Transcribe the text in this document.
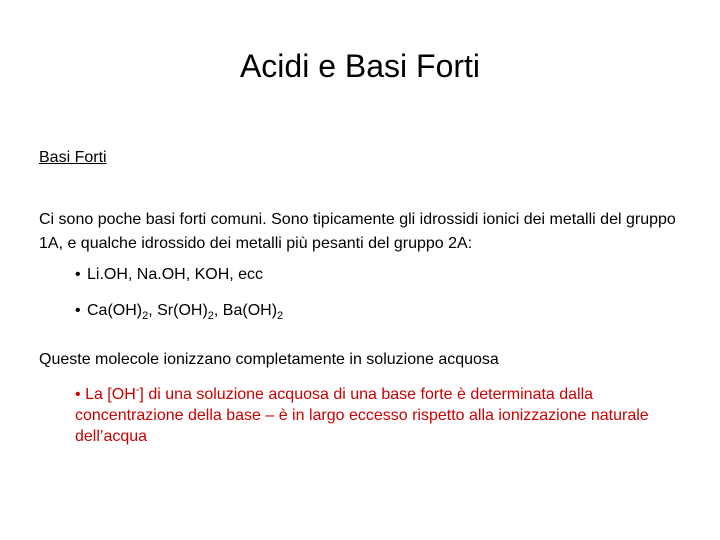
Acidi e Basi Forti
Basi Forti
Ci sono poche basi forti comuni. Sono tipicamente gli idrossidi ionici dei metalli del gruppo 1A, e qualche idrossido dei metalli più pesanti del gruppo 2A:
• Li.OH, Na.OH, KOH, ecc
• $Ca(OH)_2$, $Sr(OH)_2$, $Ba(OH)_2$
Queste molecole ionizzano completamente in soluzione acquosa
• La [OH-] di una soluzione acquosa di una base forte è determinata dalla concentrazione della base – è in largo eccesso rispetto alla ionizzazione naturale dell’acqua
